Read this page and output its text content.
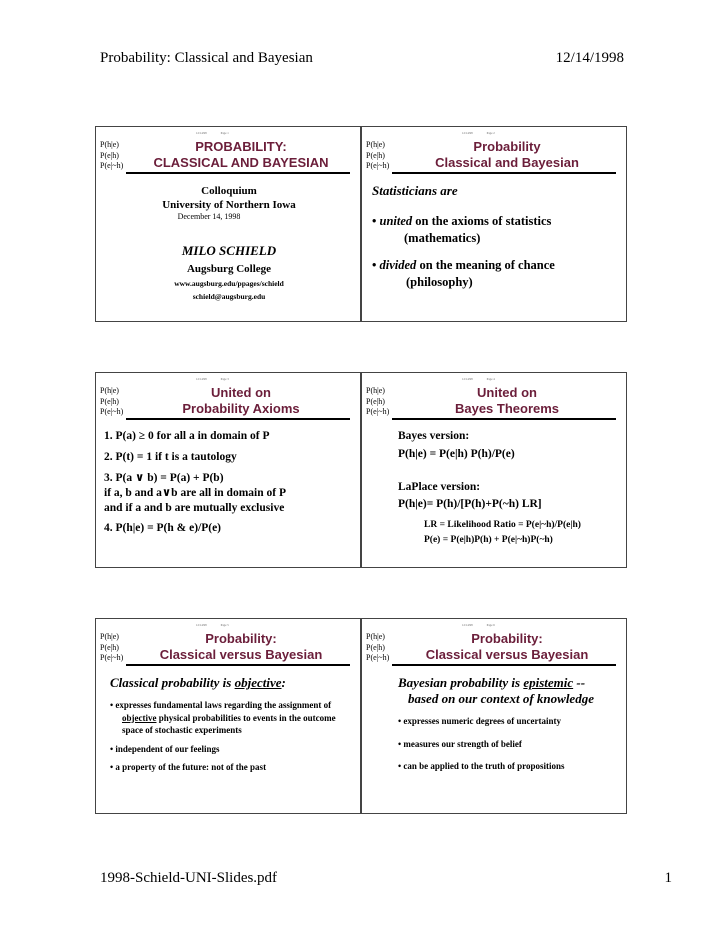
Probability: Classical and Bayesian	12/14/1998
12/14/98	Page 1
P(h|e)
P(e|h)
P(e|~h)
PROBABILITY:
CLASSICAL AND BAYESIAN
Colloquium
University of Northern Iowa
December 14, 1998
MILO SCHIELD
Augsburg College
www.augsburg.edu/ppages/schield
schield@augsburg.edu
12/14/98	Page 2
P(h|e)
P(e|h)
P(e|~h)
Probability
Classical and Bayesian
Statisticians are
• united on the axioms of statistics
(mathematics)
• divided on the meaning of chance
(philosophy)
12/14/98	Page 3
P(h|e)
P(e|h)
P(e|~h)
United on
Probability Axioms
1. P(a) ≥ 0 for all a in domain of P
2. P(t) = 1 if t is a tautology
3. P(a ∨ b) = P(a) + P(b)
if a, b and a∨b are all in domain of P
and if a and b are mutually exclusive
4. P(h|e) = P(h & e)/P(e)
12/14/98	Page 4
P(h|e)
P(e|h)
P(e|~h)
United on
Bayes Theorems
Bayes version:
P(h|e) = P(e|h) P(h)/P(e)
LaPlace version:
P(h|e)= P(h)/[P(h)+P(~h) LR]
LR = Likelihood Ratio = P(e|~h)/P(e|h)
P(e) = P(e|h)P(h) + P(e|~h)P(~h)
12/14/98	Page 5
P(h|e)
P(e|h)
P(e|~h)
Probability:
Classical versus Bayesian
Classical probability is objective:
• expresses fundamental laws regarding the assignment of objective physical probabilities to events in the outcome space of stochastic experiments
• independent of our feelings
• a property of the future: not of the past
12/14/98	Page 6
P(h|e)
P(e|h)
P(e|~h)
Probability:
Classical versus Bayesian
Bayesian probability is epistemic --
based on our context of knowledge
• expresses numeric degrees of uncertainty
• measures our strength of belief
• can be applied to the truth of propositions
1998-Schield-UNI-Slides.pdf	1
